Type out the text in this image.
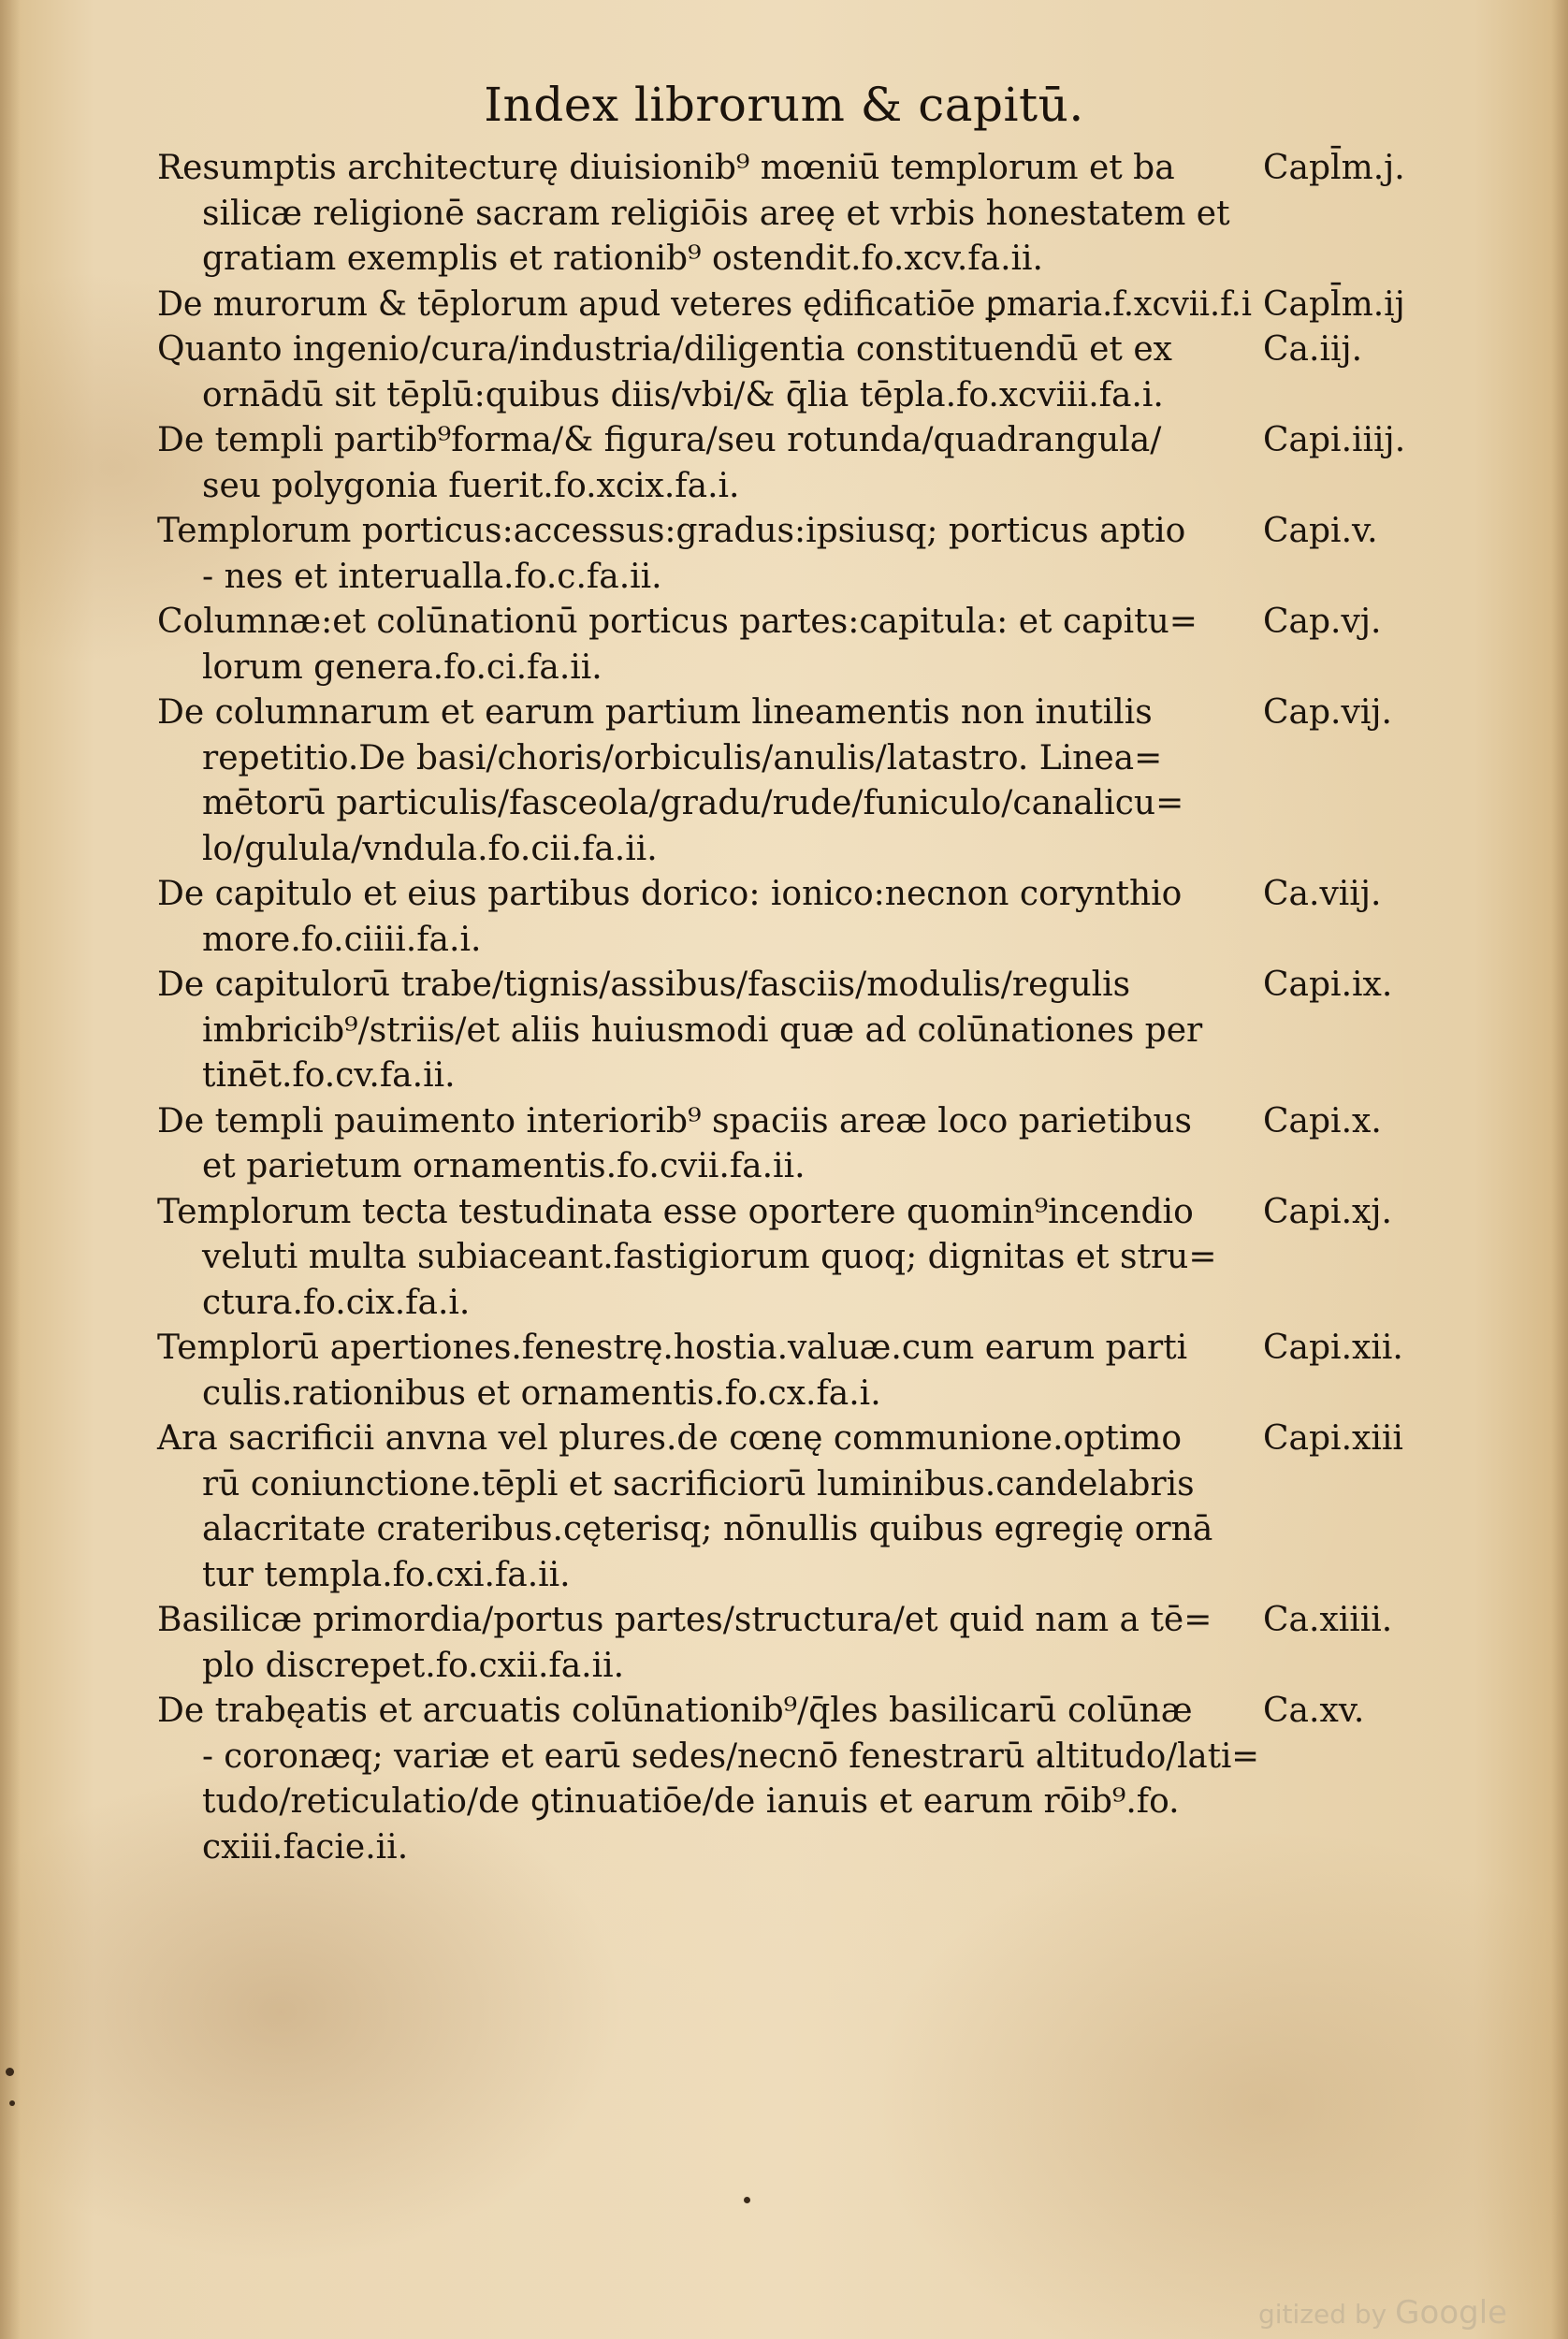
Index librorum & capitū.
Resumptis architecturę diuisionib⁹ mœniū templorum et ba	Capl̄m.j.
silicæ religionē sacram religiōis areę et vrbis honestatem et
gratiam exemplis et rationib⁹ ostendit.fo.xcv.fa.ii.
De murorum & tēplorum apud veteres ędificatiōe ꝑmaria.f.xcvii.f.i Capl̄m.ij
Quanto ingenio/cura/industria/diligentia constituendū et ex	Ca.iij.
ornādū sit tēplū:quibus diis/vbi/& q̄lia tēpla.fo.xcviii.fa.i.
De templi partib⁹forma/& figura/seu rotunda/quadrangula/	Capi.iiij.
seu polygonia fuerit.fo.xcix.fa.i.
Templorum porticus:accessus:gradus:ipsiusq; porticus aptio Capi.v.
- nes et interualla.fo.c.fa.ii.
Columnæ:et colūnationū porticus partes:capitula: et capitu= Cap.vj.
lorum genera.fo.ci.fa.ii.
De columnarum et earum partium lineamentis non inutilis	Cap.vij.
repetitio.De basi/choris/orbiculis/anulis/latastro. Linea=
mētorū particulis/fasceola/gradu/rude/funiculo/canalicu=
lo/gulula/vndula.fo.cii.fa.ii.
De capitulo et eius partibus dorico: ionico:necnon corynthio Ca.viij.
more.fo.ciiii.fa.i.
De capitulorū trabe/tignis/assibus/fasciis/modulis/regulis	Capi.ix.
imbricib⁹/striis/et aliis huiusmodi quæ ad colūnationes per
tinēt.fo.cv.fa.ii.
De templi pauimento interiorib⁹ spaciis areæ loco parietibus Capi.x.
et parietum ornamentis.fo.cvii.fa.ii.
Templorum tecta testudinata esse oportere quomin⁹incendio Capi.xj.
veluti multa subiaceant.fastigiorum quoq; dignitas et stru=
ctura.fo.cix.fa.i.
Templorū apertiones.fenestrę.hostia.valuæ.cum earum parti Capi.xii.
culis.rationibus et ornamentis.fo.cx.fa.i.
Ara sacrificii anvna vel plures.de cœnę communione.optimo Capi.xiii
rū coniunctione.tēpli et sacrificiorū luminibus.candelabris
alacritate crateribus.cęterisq; nōnullis quibus egregię ornā
tur templa.fo.cxi.fa.ii.
Basilicæ primordia/portus partes/structura/et quid nam a tē= Ca.xiiii.
plo discrepet.fo.cxii.fa.ii.
De trabęatis et arcuatis colūnationib⁹/q̄les basilicarū colūnæ Ca.xv.
- coronæq; variæ et earū sedes/necnō fenestrarū altitudo/lati=
tudo/reticulatio/de ꝯtinuatiōe/de ianuis et earum rōib⁹.fo.
cxiii.facie.ii.
gitized by Google
